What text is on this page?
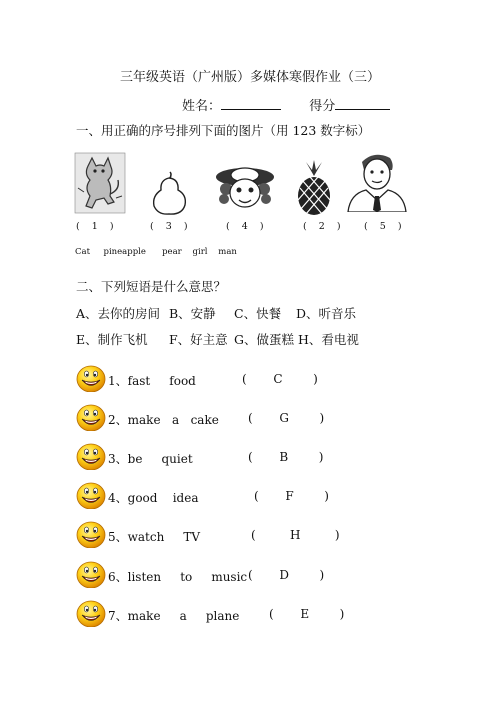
三年级英语（广州版）多媒体寒假作业（三）
姓名：	得分
一、用正确的序号排列下面的图片（用 123 数字标）
(    1    )	(    3    )	(    4    )	(    2    ) (    5    )
Cat pineapple pear girl man
二、下列短语是什么意思？
A、去你的房间 B、安静 C、快餐 D、听音乐
E、制作飞机 F、好主意 G、做蛋糕 H、看电视
1、fast     food	(       C        )
2、make   a   cake (       G        )
3、be     quiet	(       B        )
4、good    idea	(       F        )
5、watch     TV	(         H         )
6、listen     to     music (       D        )
7、make     a     plane (       E        )
